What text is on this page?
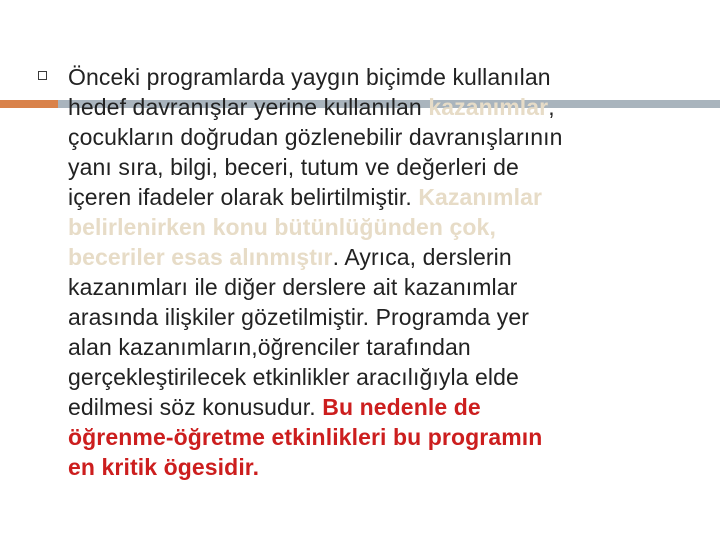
Önceki programlarda yaygın biçimde kullanılan
hedef davranışlar yerine kullanılan kazanımlar,
çocukların doğrudan gözlenebilir davranışlarının
yanı sıra, bilgi, beceri, tutum ve değerleri de
içeren ifadeler olarak belirtilmiştir. Kazanımlar
belirlenirken konu bütünlüğünden çok,
beceriler esas alınmıştır. Ayrıca, derslerin
kazanımları ile diğer derslere ait kazanımlar
arasında ilişkiler gözetilmiştir. Programda yer
alan kazanımların,öğrenciler tarafından
gerçekleştirilecek etkinlikler aracılığıyla elde
edilmesi söz konusudur. Bu nedenle de
öğrenme-öğretme etkinlikleri bu programın
en kritik ögesidir.
